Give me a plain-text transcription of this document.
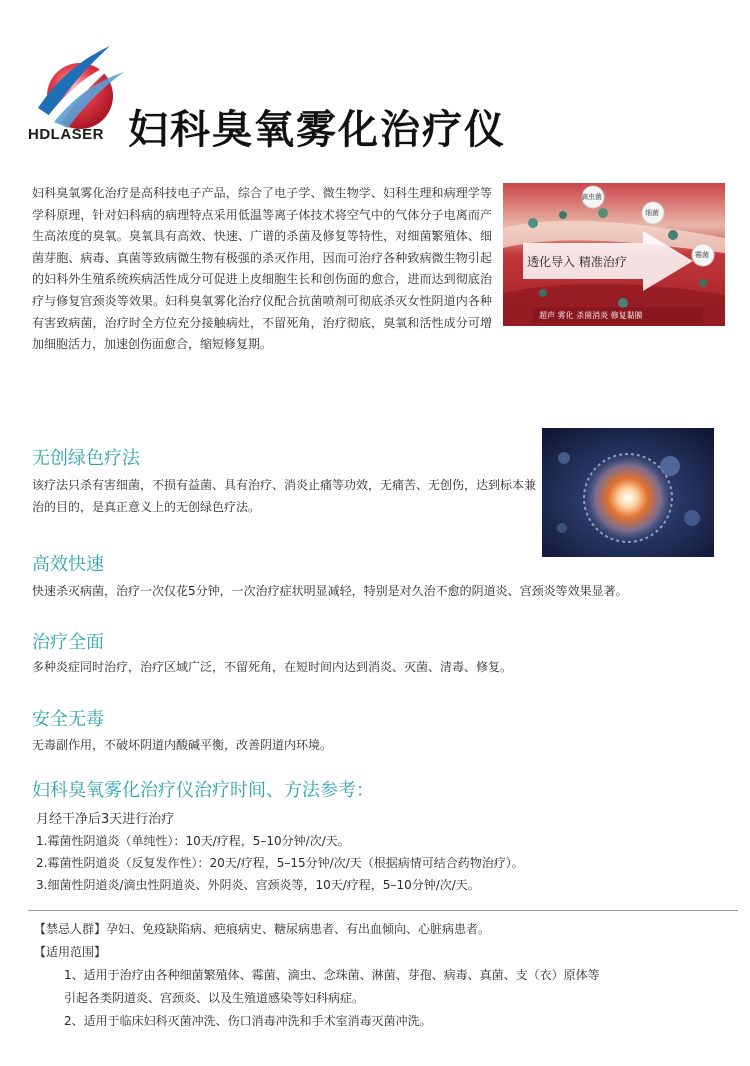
HDLASER 妇科臭氧雾化治疗仪
妇科臭氧雾化治疗是高科技电子产品，综合了电子学、微生物学、妇科生理和病理学等学科原理，针对妇科病的病理特点采用低温等离子体技术将空气中的气体分子电离而产生高浓度的臭氧。臭氧具有高效、快速、广谱的杀菌及修复等特性，对细菌繁殖体、细菌芽胞、病毒、真菌等致病微生物有极强的杀灭作用，因而可治疗各种致病微生物引起的妇科外生殖系统疾病活性成分可促进上皮细胞生长和创伤面的愈合，进而达到彻底治疗与修复宫颈炎等效果。妇科臭氧雾化治疗仪配合抗菌喷剂可彻底杀灭女性阴道内各种有害致病菌，治疗时全方位充分接触病灶，不留死角，治疗彻底，臭氧和活性成分可增加细胞活力，加速创伤面愈合，缩短修复期。
滴虫菌
细菌
霉菌
透化导入 精准治疗
超声 雾化 杀菌消炎 修复黏膜
无创绿色疗法
该疗法只杀有害细菌，不损有益菌、具有治疗、消炎止痛等功效，无痛苦、无创伤，达到标本兼治的目的，是真正意义上的无创绿色疗法。
高效快速
快速杀灭病菌，治疗一次仅花5分钟，一次治疗症状明显减轻，特别是对久治不愈的阴道炎、宫颈炎等效果显著。
治疗全面
多种炎症同时治疗，治疗区域广泛，不留死角，在短时间内达到消炎、灭菌、清毒、修复。
安全无毒
无毒副作用，不破坏阴道内酸碱平衡，改善阴道内环境。
妇科臭氧雾化治疗仪治疗时间、方法参考：
月经干净后3天进行治疗
1.霉菌性阴道炎（单纯性）：10天/疗程，5–10分钟/次/天。
2.霉菌性阴道炎（反复发作性）：20天/疗程，5–15分钟/次/天（根据病情可结合药物治疗）。
3.细菌性阴道炎/滴虫性阴道炎、外阴炎、宫颈炎等，10天/疗程，5–10分钟/次/天。
【禁忌人群】孕妇、免疫缺陷病、疤痕病史、糖尿病患者、有出血倾向、心脏病患者。
【适用范围】
1、适用于治疗由各种细菌繁殖体、霉菌、滴虫、念珠菌、淋菌、芽孢、病毒、真菌、支（衣）原体等
引起各类阴道炎、宫颈炎、以及生殖道感染等妇科病症。
2、适用于临床妇科灭菌冲洗、伤口消毒冲洗和手术室消毒灭菌冲洗。
